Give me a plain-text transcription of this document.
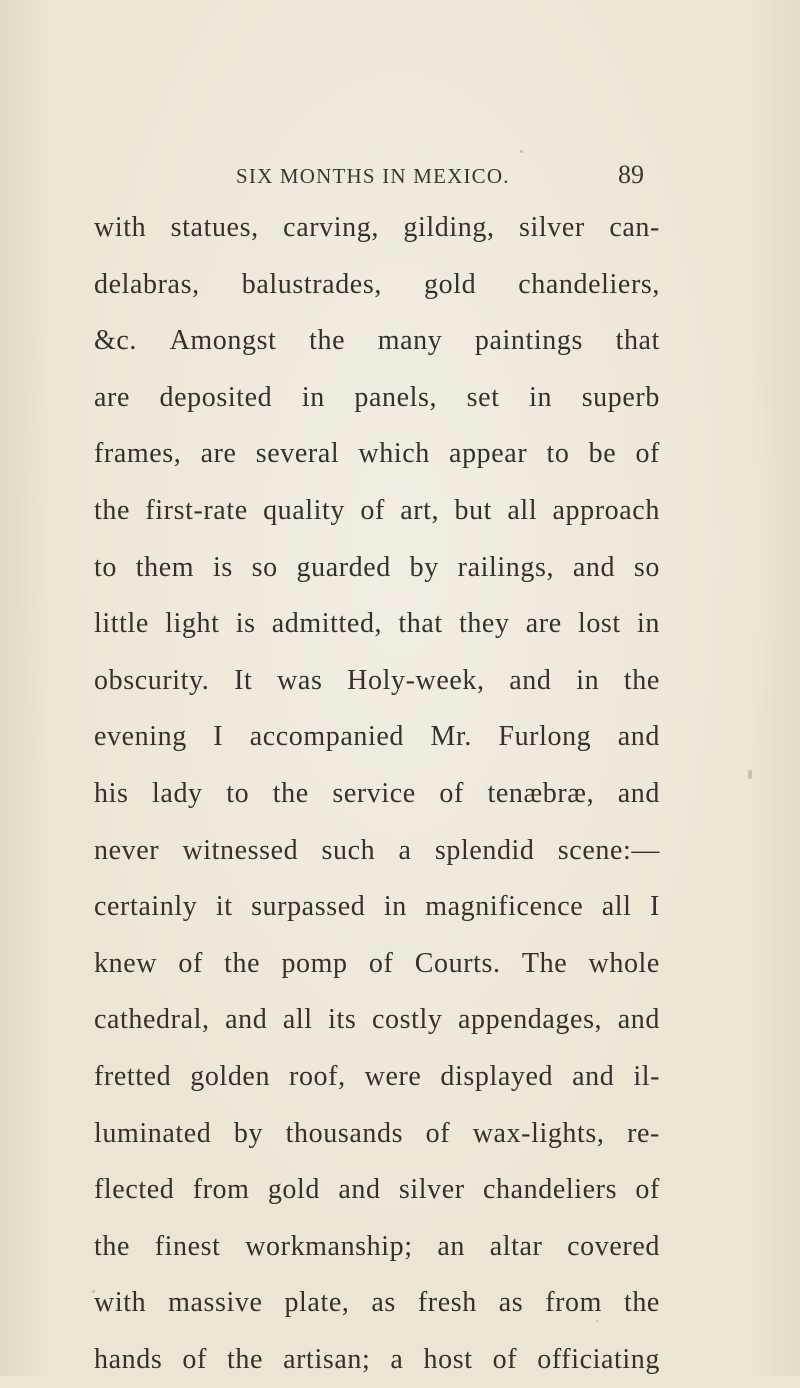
SIX MONTHS IN MEXICO.	89
with statues, carving, gilding, silver can-
delabras, balustrades, gold chandeliers,
&c. Amongst the many paintings that
are deposited in panels, set in superb
frames, are several which appear to be of
the first-rate quality of art, but all approach
to them is so guarded by railings, and so
little light is admitted, that they are lost in
obscurity. It was Holy-week, and in the
evening I accompanied Mr. Furlong and
his lady to the service of tenæbræ, and
never witnessed such a splendid scene:—
certainly it surpassed in magnificence all I
knew of the pomp of Courts. The whole
cathedral, and all its costly appendages, and
fretted golden roof, were displayed and il-
luminated by thousands of wax-lights, re-
flected from gold and silver chandeliers of
the finest workmanship; an altar covered
with massive plate, as fresh as from the
hands of the artisan; a host of officiating
